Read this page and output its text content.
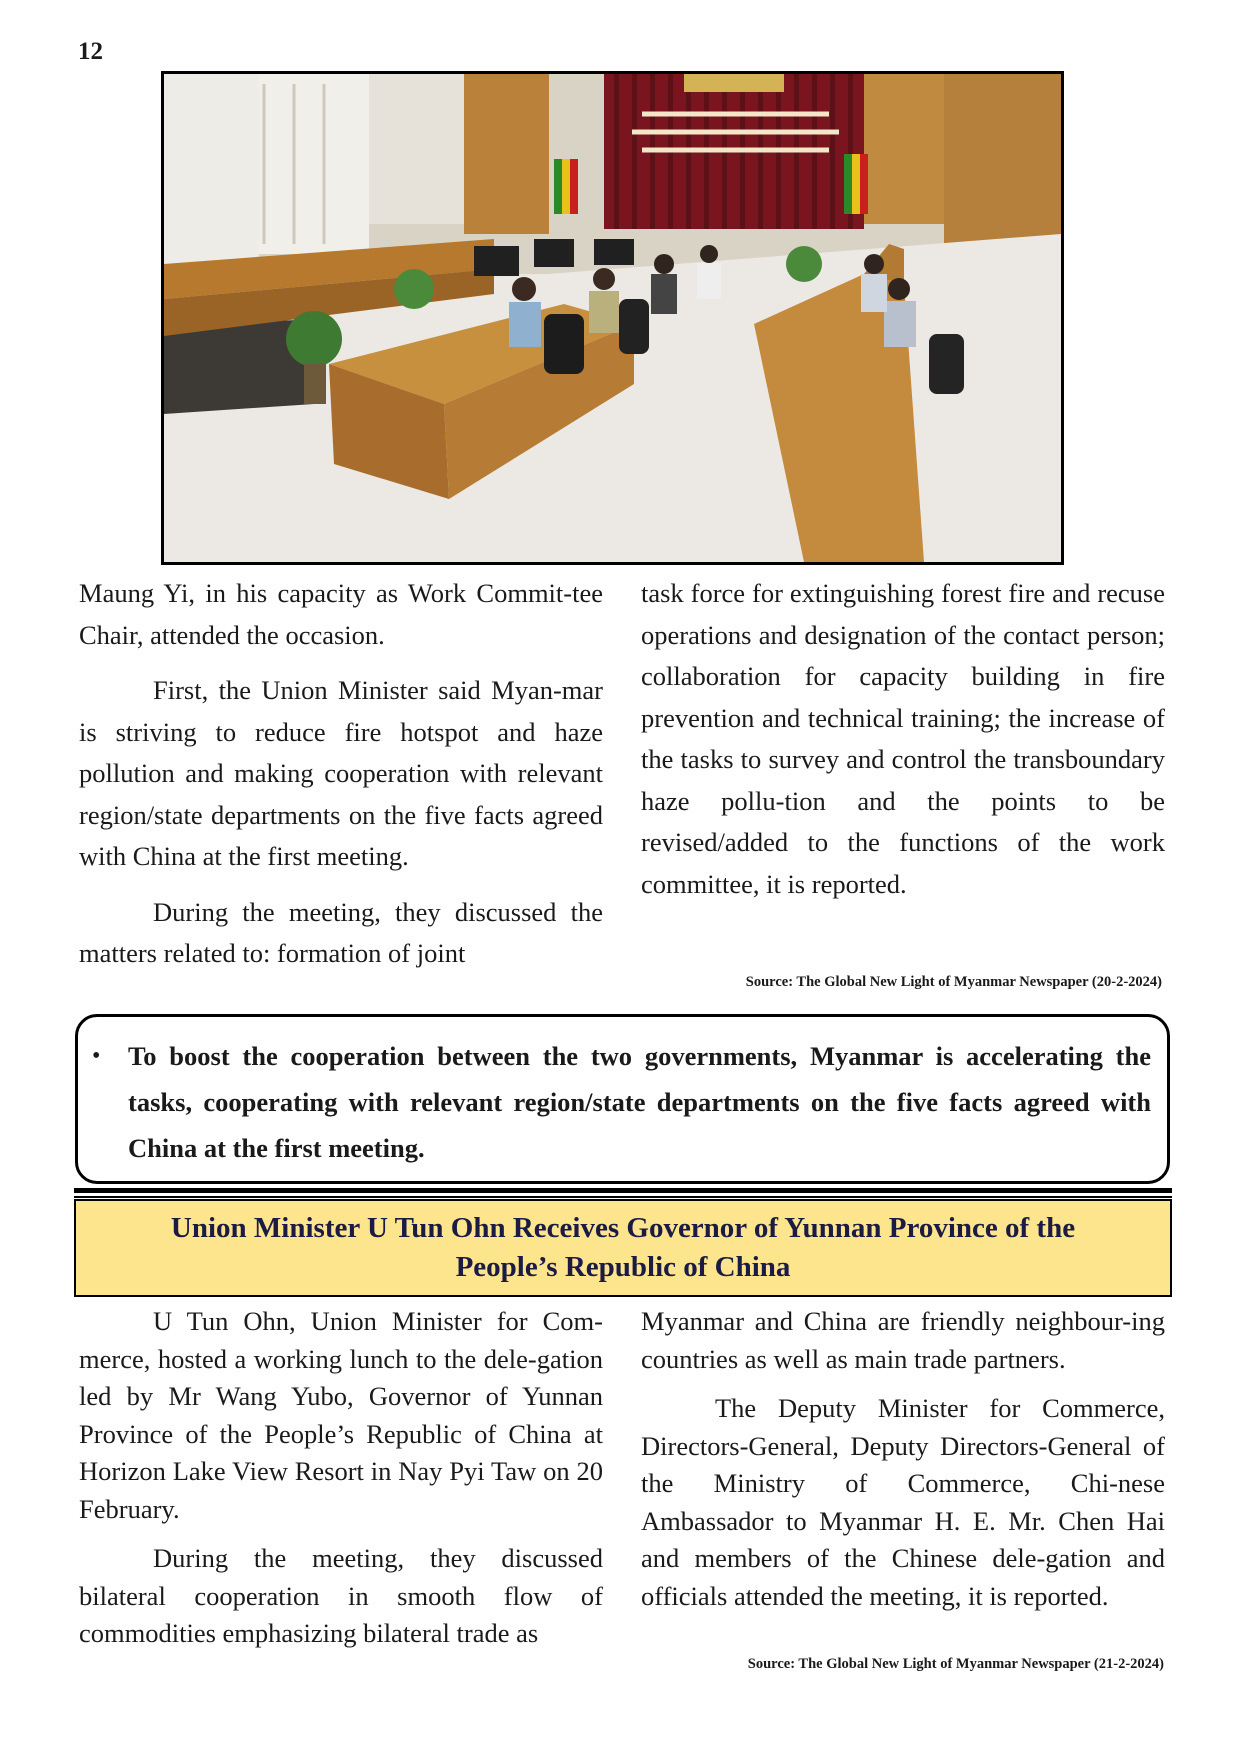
12

Maung Yi, in his capacity as Work Commit-tee Chair, attended the occasion.

First, the Union Minister said Myan-mar is striving to reduce fire hotspot and haze pollution and making cooperation with relevant region/state departments on the five facts agreed with China at the first meeting.

During the meeting, they discussed the matters related to: formation of joint

task force for extinguishing forest fire and recuse operations and designation of the contact person; collaboration for capacity building in fire prevention and technical training; the increase of the tasks to survey and control the transboundary haze pollu-tion and the points to be revised/added to the functions of the work committee, it is reported.

Source: The Global New Light of Myanmar Newspaper (20-2-2024)
• To boost the cooperation between the two governments, Myanmar is accelerating the tasks, cooperating with relevant region/state departments on the five facts agreed with China at the first meeting.
Union Minister U Tun Ohn Receives Governor of Yunnan Province of the
People’s Republic of China

U Tun Ohn, Union Minister for Com-merce, hosted a working lunch to the dele-gation led by Mr Wang Yubo, Governor of Yunnan Province of the People’s Republic of China at Horizon Lake View Resort in Nay Pyi Taw on 20 February.

During the meeting, they discussed bilateral cooperation in smooth flow of commodities emphasizing bilateral trade as

Myanmar and China are friendly neighbour-ing countries as well as main trade partners.

The Deputy Minister for Commerce, Directors-General, Deputy Directors-General of the Ministry of Commerce, Chi-nese Ambassador to Myanmar H. E. Mr. Chen Hai and members of the Chinese dele-gation and officials attended the meeting, it is reported.

Source: The Global New Light of Myanmar Newspaper (21-2-2024)
